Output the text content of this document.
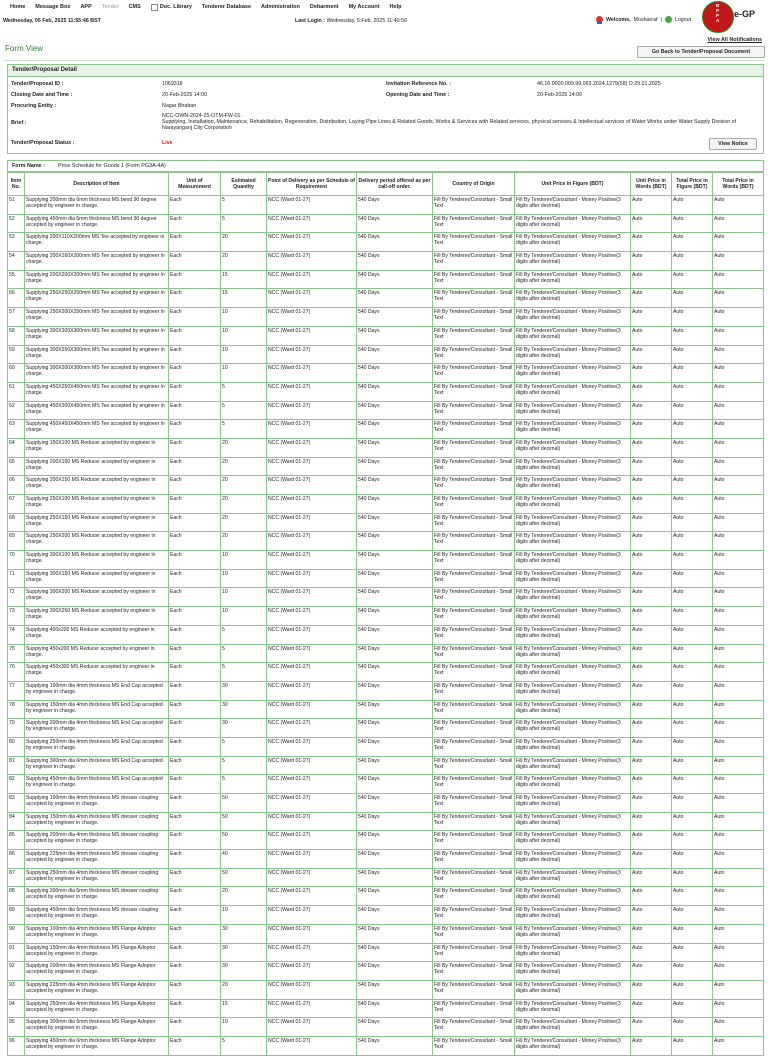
Home Message Box APP Tender CMS	Doc. Library Tenderer Database Administration Debarment My Account Help
Wednesday, 05 Feb, 2025 11:55:46 BST	Last Login : Wednesday, 5 Feb, 2025 11:40:56	Welcome, Mosharraf | Logout
B
P
P
A
e-GP
View All Notifications
Form View	Go Back to Tender/Proposal Document
Tender/Proposal Detail
Tender/Proposal ID :	1069318	Invitation Reference No. :	46.16.0000.009.99.063.2024.1279(58) D:29.01.2025
Closing Date and Time :	20-Feb-2025 14:00	Opening Date and Time :	20-Feb-2025 14:00
Procuring Entity :	Nagar Bhaban
Brief :
NCC-OWN-2024-25-OTM-FW-01.
Supplying, Installation, Maintenance, Rehabilitation, Regeneration, Distribution, Laying Pipe Lines & Related Goods, Works & Services with Related services, physical services & Intellectual services of Water Works under Water Supply Division of Narayanganj City Corporation
Tender/Proposal Status :	Live	View Notice
Form Name :	Price Schedule for Goods 1 (Form PG3A-4A)
Item No.	Description of Item	Unit of Measurement	Estimated Quantity	Point of Delivery as per Schedule of Requirement	Delivery period offered as per call-off order.	Country of Origin	Unit Price in Figure (BDT)	Unit Price in Words (BDT)	Total Price in Figure (BDT)	Total Price in Words (BDT)
51	Supplying 200mm dia 6mm thickness MS bend 90 degree accepted by engineer in charge.	Each	5	NCC (Ward 01-27)	540 Days	Fill By Tenderer/Consultant - Small Text	Fill By Tenderer/Consultant - Money Positive(3 digits after decimal)	Auto	Auto	Auto
52	Supplying 450mm dia 6mm thickness MS bend 90 degree accepted by engineer in charge.	Each	5	NCC (Ward 01-27)	540 Days	Fill By Tenderer/Consultant - Small Text	Fill By Tenderer/Consultant - Money Positive(3 digits after decimal)	Auto	Auto	Auto
53	Supplying 200X110X200mm MS Tee accepted by engineer in charge.	Each	20	NCC (Ward 01-27)	540 Days	Fill By Tenderer/Consultant - Small Text	Fill By Tenderer/Consultant - Money Positive(3 digits after decimal)	Auto	Auto	Auto
54	Supplying 200X160X200mm MS Tee accepted by engineer in charge.	Each	20	NCC (Ward 01-27)	540 Days	Fill By Tenderer/Consultant - Small Text	Fill By Tenderer/Consultant - Money Positive(3 digits after decimal)	Auto	Auto	Auto
55	Supplying 200X200X200mm MS Tee accepted by engineer in charge.	Each	15	NCC (Ward 01-27)	540 Days	Fill By Tenderer/Consultant - Small Text	Fill By Tenderer/Consultant - Money Positive(3 digits after decimal)	Auto	Auto	Auto
56	Supplying 250X250X250mm MS Tee accepted by engineer in charge.	Each	15	NCC (Ward 01-27)	540 Days	Fill By Tenderer/Consultant - Small Text	Fill By Tenderer/Consultant - Money Positive(3 digits after decimal)	Auto	Auto	Auto
57	Supplying 250X200X250mm MS Tee accepted by engineer in charge.	Each	10	NCC (Ward 01-27)	540 Days	Fill By Tenderer/Consultant - Small Text	Fill By Tenderer/Consultant - Money Positive(3 digits after decimal)	Auto	Auto	Auto
58	Supplying 300X300X300mm MS Tee accepted by engineer in charge.	Each	10	NCC (Ward 01-27)	540 Days	Fill By Tenderer/Consultant - Small Text	Fill By Tenderer/Consultant - Money Positive(3 digits after decimal)	Auto	Auto	Auto
59	Supplying 300X250X300mm MS Tee accepted by engineer in charge.	Each	10	NCC (Ward 01-27)	540 Days	Fill By Tenderer/Consultant - Small Text	Fill By Tenderer/Consultant - Money Positive(3 digits after decimal)	Auto	Auto	Auto
60	Supplying 300X200X300mm MS Tee accepted by engineer in charge.	Each	10	NCC (Ward 01-27)	540 Days	Fill By Tenderer/Consultant - Small Text	Fill By Tenderer/Consultant - Money Positive(3 digits after decimal)	Auto	Auto	Auto
61	Supplying 450X250X450mm MS Tee accepted by engineer in charge.	Each	5	NCC (Ward 01-27)	540 Days	Fill By Tenderer/Consultant - Small Text	Fill By Tenderer/Consultant - Money Positive(3 digits after decimal)	Auto	Auto	Auto
62	Supplying 450X300X450mm MS Tee accepted by engineer in charge.	Each	5	NCC (Ward 01-27)	540 Days	Fill By Tenderer/Consultant - Small Text	Fill By Tenderer/Consultant - Money Positive(3 digits after decimal)	Auto	Auto	Auto
63	Supplying 450X450X450mm MS Tee accepted by engineer in charge.	Each	5	NCC (Ward 01-27)	540 Days	Fill By Tenderer/Consultant - Small Text	Fill By Tenderer/Consultant - Money Positive(3 digits after decimal)	Auto	Auto	Auto
64	Supplying 150X100 MS Reducer accepted by engineer in charge.	Each	20	NCC (Ward 01-27)	540 Days	Fill By Tenderer/Consultant - Small Text	Fill By Tenderer/Consultant - Money Positive(3 digits after decimal)	Auto	Auto	Auto
65	Supplying 200X100 MS Reducer accepted by engineer in charge.	Each	20	NCC (Ward 01-27)	540 Days	Fill By Tenderer/Consultant - Small Text	Fill By Tenderer/Consultant - Money Positive(3 digits after decimal)	Auto	Auto	Auto
66	Supplying 200X150 MS Reducer accepted by engineer in charge.	Each	20	NCC (Ward 01-27)	540 Days	Fill By Tenderer/Consultant - Small Text	Fill By Tenderer/Consultant - Money Positive(3 digits after decimal)	Auto	Auto	Auto
67	Supplying 250X100 MS Reducer accepted by engineer in charge.	Each	20	NCC (Ward 01-27)	540 Days	Fill By Tenderer/Consultant - Small Text	Fill By Tenderer/Consultant - Money Positive(3 digits after decimal)	Auto	Auto	Auto
68	Supplying 250X150 MS Reducer accepted by engineer in charge.	Each	20	NCC (Ward 01-27)	540 Days	Fill By Tenderer/Consultant - Small Text	Fill By Tenderer/Consultant - Money Positive(3 digits after decimal)	Auto	Auto	Auto
69	Supplying 250X200 MS Reducer accepted by engineer in charge.	Each	20	NCC (Ward 01-27)	540 Days	Fill By Tenderer/Consultant - Small Text	Fill By Tenderer/Consultant - Money Positive(3 digits after decimal)	Auto	Auto	Auto
70	Supplying 300X100 MS Reducer accepted by engineer in charge.	Each	10	NCC (Ward 01-27)	540 Days	Fill By Tenderer/Consultant - Small Text	Fill By Tenderer/Consultant - Money Positive(3 digits after decimal)	Auto	Auto	Auto
71	Supplying 300X150 MS Reducer accepted by engineer in charge.	Each	10	NCC (Ward 01-27)	540 Days	Fill By Tenderer/Consultant - Small Text	Fill By Tenderer/Consultant - Money Positive(3 digits after decimal)	Auto	Auto	Auto
72	Supplying 300X200 MS Reducer accepted by engineer in charge.	Each	10	NCC (Ward 01-27)	540 Days	Fill By Tenderer/Consultant - Small Text	Fill By Tenderer/Consultant - Money Positive(3 digits after decimal)	Auto	Auto	Auto
73	Supplying 300X250 MS Reducer accepted by engineer in charge.	Each	10	NCC (Ward 01-27)	540 Days	Fill By Tenderer/Consultant - Small Text	Fill By Tenderer/Consultant - Money Positive(3 digits after decimal)	Auto	Auto	Auto
74	Supplying 400x200 MS Reducer accepted by engineer in charge.	Each	5	NCC (Ward 01-27)	540 Days	Fill By Tenderer/Consultant - Small Text	Fill By Tenderer/Consultant - Money Positive(3 digits after decimal)	Auto	Auto	Auto
75	Supplying 450x200 MS Reducer accepted by engineer in charge.	Each	5	NCC (Ward 01-27)	540 Days	Fill By Tenderer/Consultant - Small Text	Fill By Tenderer/Consultant - Money Positive(3 digits after decimal)	Auto	Auto	Auto
76	Supplying 450x300 MS Reducer accepted by engineer in charge.	Each	5	NCC (Ward 01-27)	540 Days	Fill By Tenderer/Consultant - Small Text	Fill By Tenderer/Consultant - Money Positive(3 digits after decimal)	Auto	Auto	Auto
77	Supplying 100mm dia 4mm thickness MS End Cap accepted by engineer in charge.	Each	30	NCC (Ward 01-27)	540 Days	Fill By Tenderer/Consultant - Small Text	Fill By Tenderer/Consultant - Money Positive(3 digits after decimal)	Auto	Auto	Auto
78	Supplying 150mm dia 4mm thickness MS End Cap accepted by engineer in charge.	Each	30	NCC (Ward 01-27)	540 Days	Fill By Tenderer/Consultant - Small Text	Fill By Tenderer/Consultant - Money Positive(3 digits after decimal)	Auto	Auto	Auto
79	Supplying 200mm dia 4mm thickness MS End Cap accepted by engineer in charge.	Each	30	NCC (Ward 01-27)	540 Days	Fill By Tenderer/Consultant - Small Text	Fill By Tenderer/Consultant - Money Positive(3 digits after decimal)	Auto	Auto	Auto
80	Supplying 250mm dia 4mm thickness MS End Cap accepted by engineer in charge.	Each	5	NCC (Ward 01-27)	540 Days	Fill By Tenderer/Consultant - Small Text	Fill By Tenderer/Consultant - Money Positive(3 digits after decimal)	Auto	Auto	Auto
81	Supplying 300mm dia 6mm thickness MS End Cap accepted by engineer in charge.	Each	5	NCC (Ward 01-27)	540 Days	Fill By Tenderer/Consultant - Small Text	Fill By Tenderer/Consultant - Money Positive(3 digits after decimal)	Auto	Auto	Auto
82	Supplying 450mm dia 6mm thickness MS End Cap accepted by engineer in charge.	Each	5	NCC (Ward 01-27)	540 Days	Fill By Tenderer/Consultant - Small Text	Fill By Tenderer/Consultant - Money Positive(3 digits after decimal)	Auto	Auto	Auto
83	Supplying 100mm dia 4mm thickness MS dresser coupling accepted by engineer in charge.	Each	50	NCC (Ward 01-27)	540 Days	Fill By Tenderer/Consultant - Small Text	Fill By Tenderer/Consultant - Money Positive(3 digits after decimal)	Auto	Auto	Auto
84	Supplying 150mm dia 4mm thickness MS dresser coupling accepted by engineer in charge.	Each	50	NCC (Ward 01-27)	540 Days	Fill By Tenderer/Consultant - Small Text	Fill By Tenderer/Consultant - Money Positive(3 digits after decimal)	Auto	Auto	Auto
85	Supplying 200mm dia 4mm thickness MS dresser coupling accepted by engineer in charge.	Each	50	NCC (Ward 01-27)	540 Days	Fill By Tenderer/Consultant - Small Text	Fill By Tenderer/Consultant - Money Positive(3 digits after decimal)	Auto	Auto	Auto
86	Supplying 225mm dia 4mm thickness MS dresser coupling accepted by engineer in charge.	Each	40	NCC (Ward 01-27)	540 Days	Fill By Tenderer/Consultant - Small Text	Fill By Tenderer/Consultant - Money Positive(3 digits after decimal)	Auto	Auto	Auto
87	Supplying 250mm dia 4mm thickness MS dresser coupling accepted by engineer in charge.	Each	50	NCC (Ward 01-27)	540 Days	Fill By Tenderer/Consultant - Small Text	Fill By Tenderer/Consultant - Money Positive(3 digits after decimal)	Auto	Auto	Auto
88	Supplying 300mm dia 6mm thickness MS dresser coupling accepted by engineer in charge.	Each	20	NCC (Ward 01-27)	540 Days	Fill By Tenderer/Consultant - Small Text	Fill By Tenderer/Consultant - Money Positive(3 digits after decimal)	Auto	Auto	Auto
89	Supplying 450mm dia 6mm thickness MS dresser coupling accepted by engineer in charge.	Each	10	NCC (Ward 01-27)	540 Days	Fill By Tenderer/Consultant - Small Text	Fill By Tenderer/Consultant - Money Positive(3 digits after decimal)	Auto	Auto	Auto
90	Supplying 100mm dia 4mm thickness MS Flange Adoptor accepted by engineer in charge.	Each	30	NCC (Ward 01-27)	540 Days	Fill By Tenderer/Consultant - Small Text	Fill By Tenderer/Consultant - Money Positive(3 digits after decimal)	Auto	Auto	Auto
91	Supplying 150mm dia 4mm thickness MS Flange Adoptor accepted by engineer in charge.	Each	30	NCC (Ward 01-27)	540 Days	Fill By Tenderer/Consultant - Small Text	Fill By Tenderer/Consultant - Money Positive(3 digits after decimal)	Auto	Auto	Auto
92	Supplying 200mm dia 4mm thickness MS Flange Adoptor accepted by engineer in charge.	Each	30	NCC (Ward 01-27)	540 Days	Fill By Tenderer/Consultant - Small Text	Fill By Tenderer/Consultant - Money Positive(3 digits after decimal)	Auto	Auto	Auto
93	Supplying 225mm dia 4mm thickness MS Flange Adoptor accepted by engineer in charge.	Each	20	NCC (Ward 01-27)	540 Days	Fill By Tenderer/Consultant - Small Text	Fill By Tenderer/Consultant - Money Positive(3 digits after decimal)	Auto	Auto	Auto
94	Supplying 250mm dia 4mm thickness MS Flange Adoptor accepted by engineer in charge.	Each	15	NCC (Ward 01-27)	540 Days	Fill By Tenderer/Consultant - Small Text	Fill By Tenderer/Consultant - Money Positive(3 digits after decimal)	Auto	Auto	Auto
95	Supplying 300mm dia 6mm thickness MS Flange Adoptor accepted by engineer in charge.	Each	10	NCC (Ward 01-27)	540 Days	Fill By Tenderer/Consultant - Small Text	Fill By Tenderer/Consultant - Money Positive(3 digits after decimal)	Auto	Auto	Auto
96	Supplying 450mm dia 6mm thickness MS Flange Adoptor accepted by engineer in charge.	Each	5	NCC (Ward 01-27)	540 Days	Fill By Tenderer/Consultant - Small Text	Fill By Tenderer/Consultant - Money Positive(3 digits after decimal)	Auto	Auto	Auto
